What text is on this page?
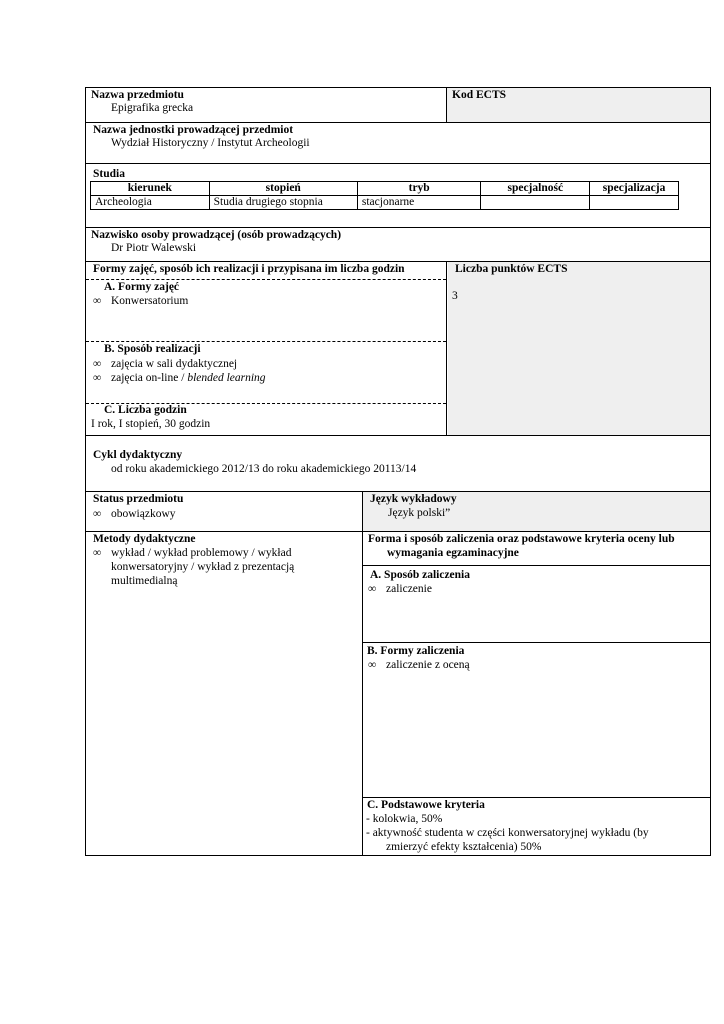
Nazwa przedmiotu
Epigrafika grecka
Kod ECTS
Nazwa jednostki prowadzącej przedmiot
Wydział Historyczny / Instytut Archeologii
Studia
kierunek	stopień	tryb	specjalność	specjalizacja
Archeologia	Studia drugiego stopnia	stacjonarne		
Nazwisko osoby prowadzącej (osób prowadzących)
Dr Piotr Walewski
Formy zajęć, sposób ich realizacji i przypisana im liczba godzin	Liczba punktów ECTS
3
A. Formy zajęć
∞ Konwersatorium
B. Sposób realizacji
∞ zajęcia w sali dydaktycznej
∞ zajęcia on-line / blended learning
C. Liczba godzin
I rok, I stopień, 30 godzin
Cykl dydaktyczny
od roku akademickiego 2012/13 do roku akademickiego 20113/14
Status przedmiotu
∞ obowiązkowy
Język wykładowy
Język polski”
Metody dydaktyczne
∞ wykład / wykład problemowy / wykład
konwersatoryjny / wykład z prezentacją
multimedialną
Forma i sposób zaliczenia oraz podstawowe kryteria oceny lub
wymagania egzaminacyjne
A. Sposób zaliczenia
∞ zaliczenie
B. Formy zaliczenia
∞ zaliczenie z oceną
C. Podstawowe kryteria
- kolokwia, 50%
- aktywność studenta w części konwersatoryjnej wykładu (by
zmierzyć efekty kształcenia) 50%
